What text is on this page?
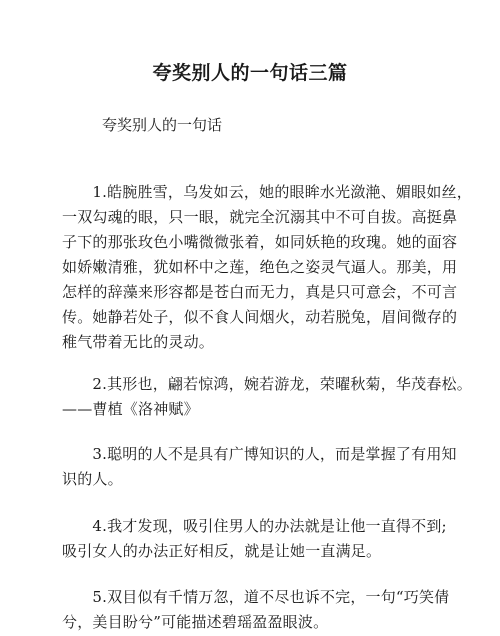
夸奖别人的一句话三篇
夸奖别人的一句话
　　1.皓腕胜雪，乌发如云，她的眼眸水光潋滟、媚眼如丝，
一双勾魂的眼，只一眼，就完全沉溺其中不可自拔。高挺鼻
子下的那张玫色小嘴微微张着，如同妖艳的玫瑰。她的面容
如娇嫩清雅，犹如杯中之莲，绝色之姿灵气逼人。那美，用
怎样的辞藻来形容都是苍白而无力，真是只可意会，不可言
传。她静若处子，似不食人间烟火，动若脱兔，眉间微存的
稚气带着无比的灵动。
　　2.其形也，翩若惊鸿，婉若游龙，荣曜秋菊，华茂春松。
——曹植《洛神赋》
　　3.聪明的人不是具有广博知识的人，而是掌握了有用知
识的人。
　　4.我才发现，吸引住男人的办法就是让他一直得不到;
吸引女人的办法正好相反，就是让她一直满足。
　　5.双目似有千情万忽，道不尽也诉不完，一句“巧笑倩
兮，美目盼兮”可能描述碧瑶盈盈眼波。
